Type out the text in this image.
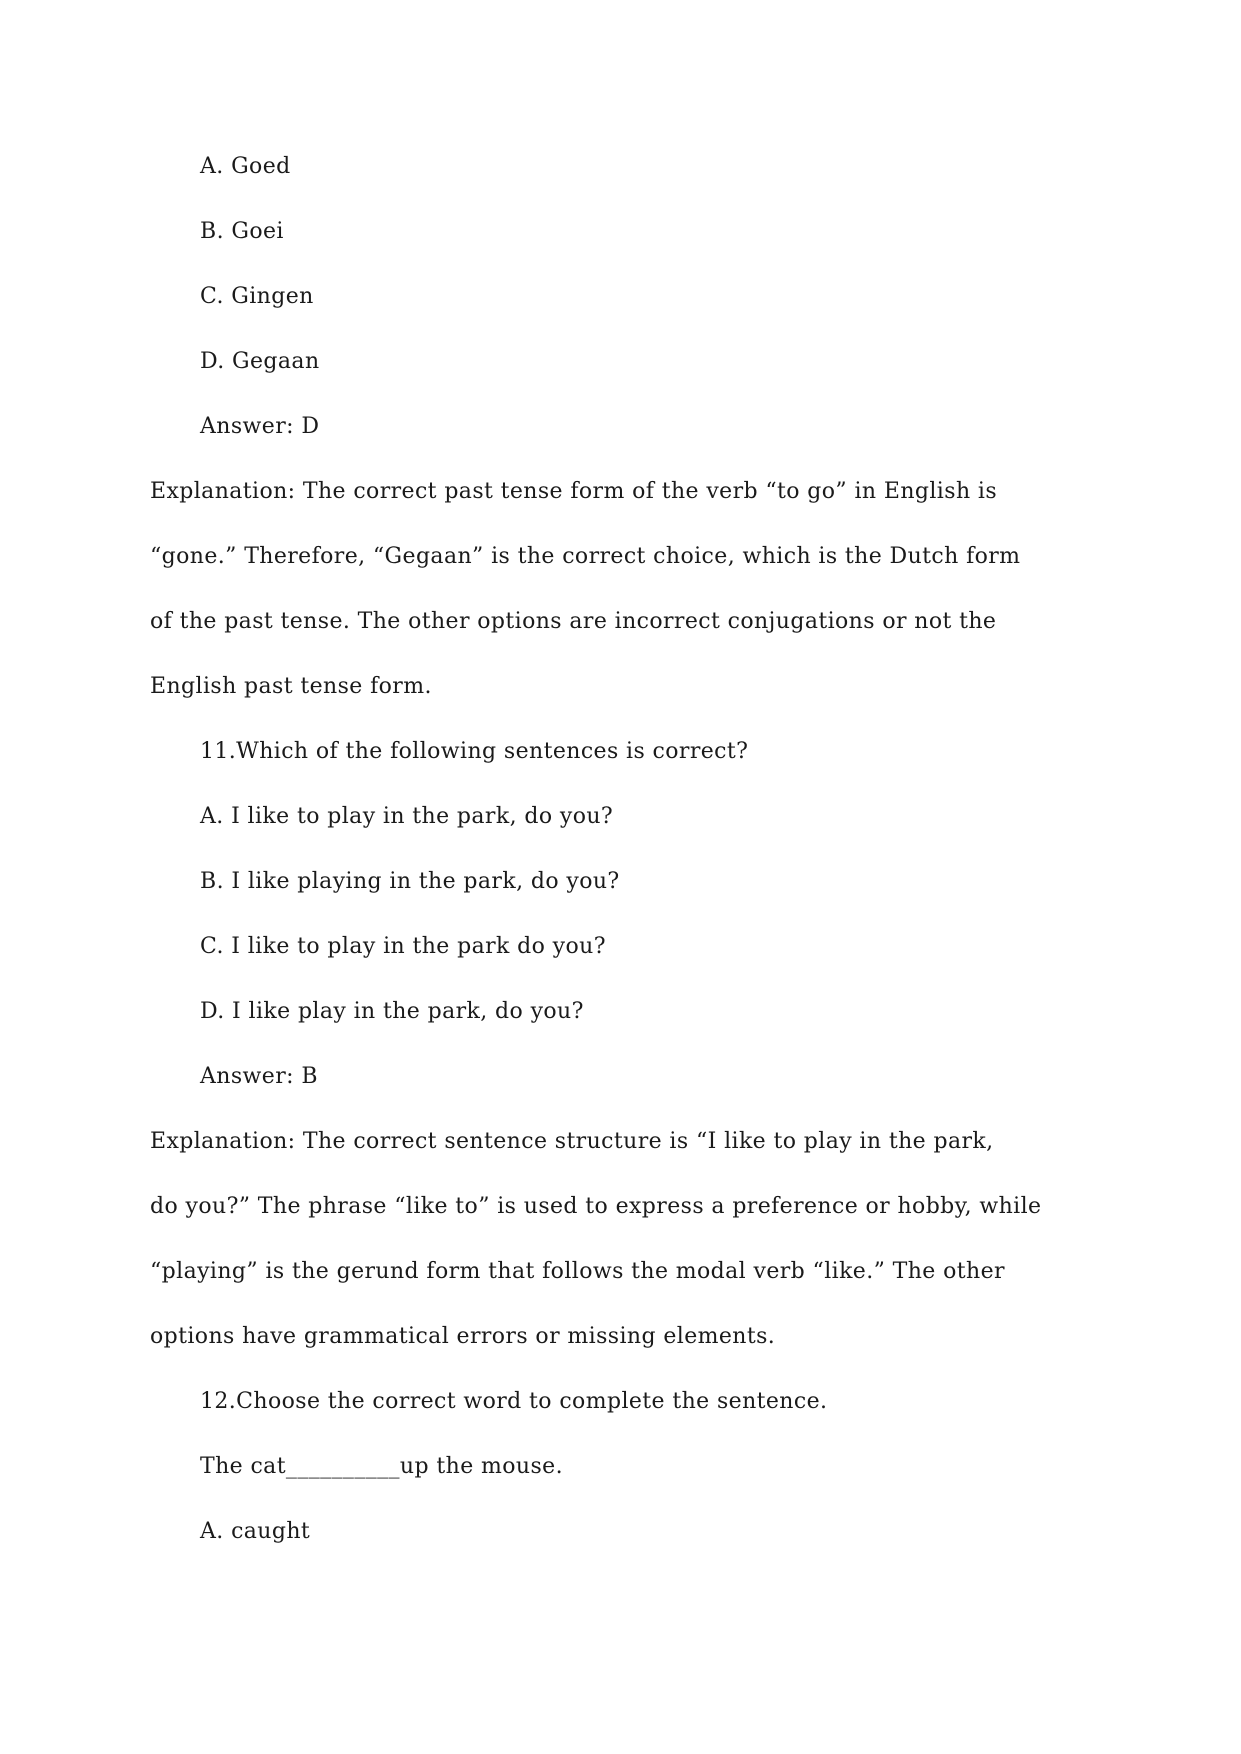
A. Goed
B. Goei
C. Gingen
D. Gegaan
Answer: D
Explanation: The correct past tense form of the verb “to go” in English is
“gone.” Therefore, “Gegaan” is the correct choice, which is the Dutch form
of the past tense. The other options are incorrect conjugations or not the
English past tense form.
11.Which of the following sentences is correct?
A. I like to play in the park, do you?
B. I like playing in the park, do you?
C. I like to play in the park do you?
D. I like play in the park, do you?
Answer: B
Explanation: The correct sentence structure is “I like to play in the park,
do you?” The phrase “like to” is used to express a preference or hobby, while
“playing” is the gerund form that follows the modal verb “like.” The other
options have grammatical errors or missing elements.
12.Choose the correct word to complete the sentence.
The cat__________up the mouse.
A. caught
